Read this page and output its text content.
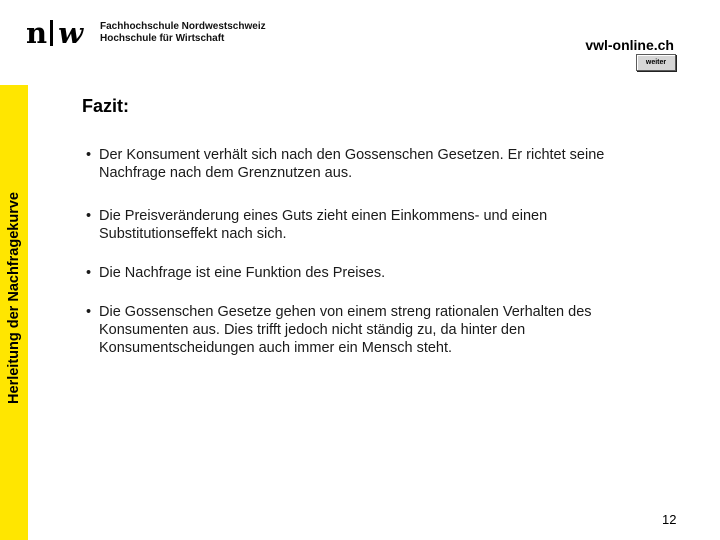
n w Fachhochschule Nordwestschweiz
Hochschule für Wirtschaft	vwl-online.ch
weiter
Herleitung der Nachfragekurve
Fazit:
• Der Konsument verhält sich nach den Gossenschen Gesetzen. Er richtet seine Nachfrage nach dem Grenznutzen aus.
• Die Preisveränderung eines Guts zieht einen Einkommens- und einen Substitutionseffekt nach sich.
• Die Nachfrage ist eine Funktion des Preises.
• Die Gossenschen Gesetze gehen von einem streng rationalen Verhalten des Konsumenten aus. Dies trifft jedoch nicht ständig zu, da hinter den Konsumentscheidungen auch immer ein Mensch steht.
12
